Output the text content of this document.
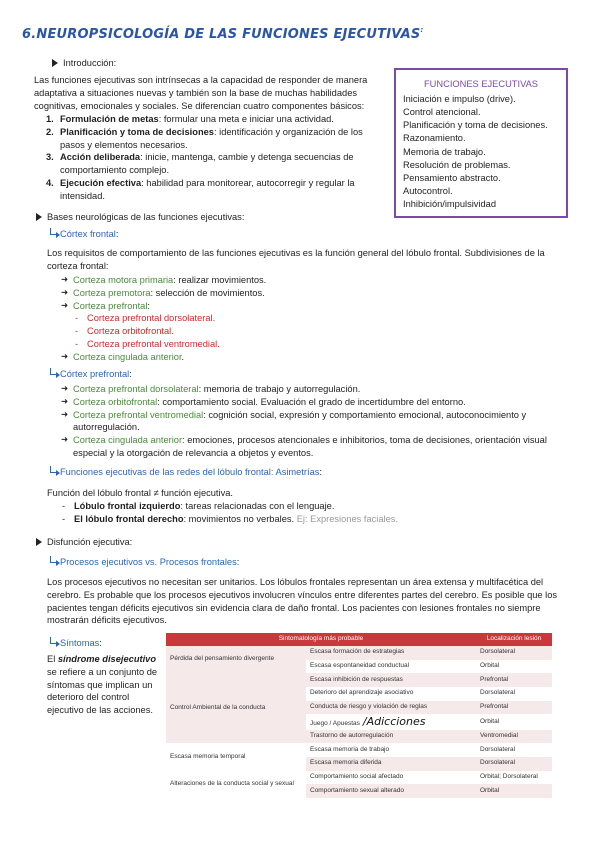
6.NEUROPSICOLOGÍA DE LAS FUNCIONES EJECUTIVAS:
Introducción:
Las funciones ejecutivas son intrínsecas a la capacidad de responder de manera adaptativa a situaciones nuevas y también son la base de muchas habilidades cognitivas, emocionales y sociales. Se diferencian cuatro componentes básicos:
1. Formulación de metas: formular una meta e iniciar una actividad.
2. Planificación y toma de decisiones: identificación y organización de los pasos y elementos necesarios.
3. Acción deliberada: inicie, mantenga, cambie y detenga secuencias de comportamiento complejo.
4. Ejecución efectiva: habilidad para monitorear, autocorregir y regular la intensidad.
FUNCIONES EJECUTIVAS
Iniciación e impulso (drive).
Control atencional.
Planificación y toma de decisiones.
Razonamiento.
Memoria de trabajo.
Resolución de problemas.
Pensamiento abstracto.
Autocontrol.
Inhibición/impulsividad
Bases neurológicas de las funciones ejecutivas:
Córtex frontal:
Los requisitos de comportamiento de las funciones ejecutivas es la función general del lóbulo frontal. Subdivisiones de la corteza frontal:
➜ Corteza motora primaria: realizar movimientos.
➜ Corteza premotora: selección de movimientos.
➜ Corteza prefrontal:
- Corteza prefrontal dorsolateral.
- Corteza orbitofrontal.
- Corteza prefrontal ventromedial.
➜ Corteza cingulada anterior.
Córtex prefrontal:
➜ Corteza prefrontal dorsolateral: memoria de trabajo y autorregulación.
➜ Corteza orbitofrontal: comportamiento social. Evaluación el grado de incertidumbre del entorno.
➜ Corteza prefrontal ventromedial: cognición social, expresión y comportamiento emocional, autoconocimiento y autorregulación.
➜ Corteza cingulada anterior: emociones, procesos atencionales e inhibitorios, toma de decisiones, orientación visual especial y la otorgación de relevancia a objetos y eventos.
Funciones ejecutivas de las redes del lóbulo frontal: Asimetrías:
Función del lóbulo frontal ≠ función ejecutiva.
- Lóbulo frontal izquierdo: tareas relacionadas con el lenguaje.
- El lóbulo frontal derecho: movimientos no verbales. Ej: Expresiones faciales.
Disfunción ejecutiva:
Procesos ejecutivos vs. Procesos frontales:
Los procesos ejecutivos no necesitan ser unitarios. Los lóbulos frontales representan un área extensa y multifacética del cerebro. Es probable que los procesos ejecutivos involucren vínculos entre diferentes partes del cerebro. Es posible que los pacientes tengan déficits ejecutivos sin evidencia clara de daño frontal. Los pacientes con lesiones frontales no siempre mostrarán déficits ejecutivos.
Síntomas:
El síndrome disejecutivo se refiere a un conjunto de síntomas que implican un deterioro del control ejecutivo de las acciones.
Sintomatología más probable		Localización lesión
Pérdida del pensamiento divergente	Escasa formación de estrategias	Dorsolateral
	Escasa espontaneidad conductual	Orbital
Control Ambiental de la conducta	Escasa inhibición de respuestas	Prefrontal
	Deterioro del aprendizaje asociativo	Dorsolateral
	Conducta de riesgo y violación de reglas	Prefrontal
	Juego / Apuestas /Adicciones	Orbital
	Trastorno de autorregulación	Ventromedial
Escasa memoria temporal	Escasa memoria de trabajo	Dorsolateral
	Escasa memoria diferida	Dorsolateral
Alteraciones de la conducta social y sexual	Comportamiento social afectado	Orbital; Dorsolateral
	Comportamiento sexual alterado	Orbital
